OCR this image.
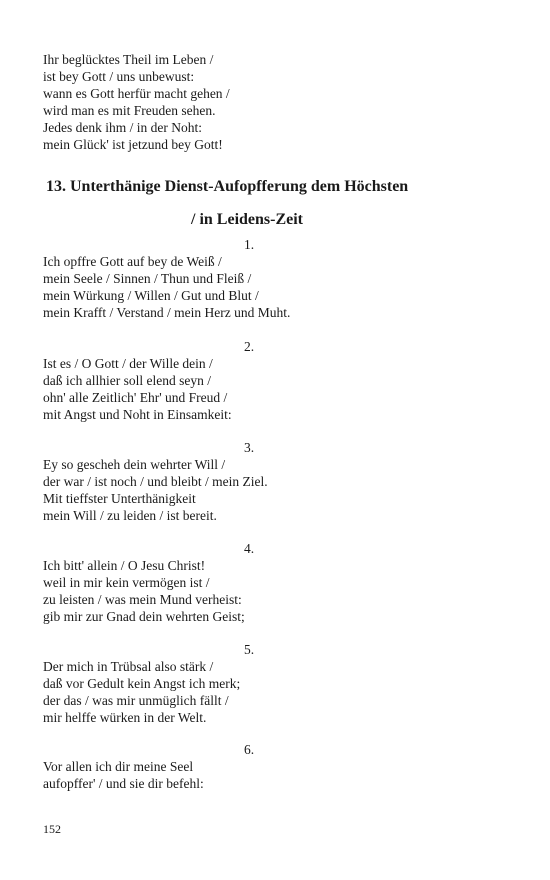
Ihr beglücktes Theil im Leben /
ist bey Gott / uns unbewust:
wann es Gott herfür macht gehen /
wird man es mit Freuden sehen.
Jedes denk ihm / in der Noht:
mein Glück' ist jetzund bey Gott!
13. Unterthänige Dienst-Aufopfferung dem Höchsten
/ in Leidens-Zeit
1.
Ich opffre Gott auf bey de Weiß /
mein Seele / Sinnen / Thun und Fleiß /
mein Würkung / Willen / Gut und Blut /
mein Krafft / Verstand / mein Herz und Muht.
2.
Ist es / O Gott / der Wille dein /
daß ich allhier soll elend seyn /
ohn' alle Zeitlich' Ehr' und Freud /
mit Angst und Noht in Einsamkeit:
3.
Ey so gescheh dein wehrter Will /
der war / ist noch / und bleibt / mein Ziel.
Mit tieffster Unterthänigkeit
mein Will / zu leiden / ist bereit.
4.
Ich bitt' allein / O Jesu Christ!
weil in mir kein vermögen ist /
zu leisten / was mein Mund verheist:
gib mir zur Gnad dein wehrten Geist;
5.
Der mich in Trübsal also stärk /
daß vor Gedult kein Angst ich merk;
der das / was mir unmüglich fällt /
mir helffe würken in der Welt.
6.
Vor allen ich dir meine Seel
aufopffer' / und sie dir befehl:
152
